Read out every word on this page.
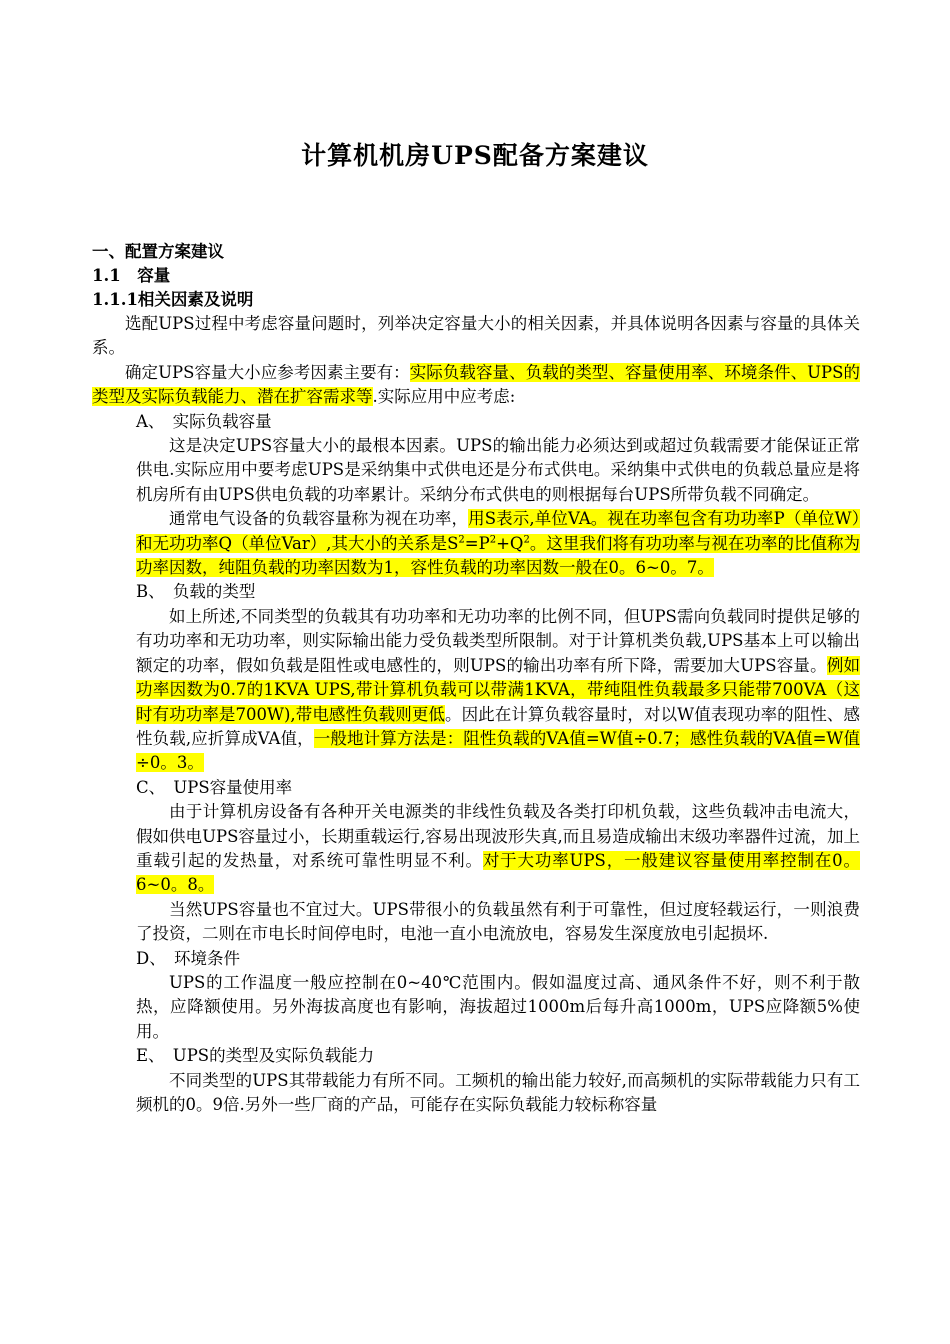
计算机机房UPS配备方案建议

一、配置方案建议

1.1　容量

1.1.1相关因素及说明

选配UPS过程中考虑容量问题时，列举决定容量大小的相关因素，并具体说明各因素与容量的具体关系。

确定UPS容量大小应参考因素主要有：实际负载容量、负载的类型、容量使用率、环境条件、UPS的类型及实际负载能力、潜在扩容需求等.实际应用中应考虑:

A、　实际负载容量

这是决定UPS容量大小的最根本因素。UPS的输出能力必须达到或超过负载需要才能保证正常供电.实际应用中要考虑UPS是采纳集中式供电还是分布式供电。采纳集中式供电的负载总量应是将机房所有由UPS供电负载的功率累计。采纳分布式供电的则根据每台UPS所带负载不同确定。

通常电气设备的负载容量称为视在功率，用S表示,单位VA。视在功率包含有功功率P（单位W）和无功功率Q（单位Var）,其大小的关系是$S^2=P^2+Q^2$。这里我们将有功功率与视在功率的比值称为功率因数，纯阻负载的功率因数为1，容性负载的功率因数一般在0。6~0。7。

B、　负载的类型

如上所述,不同类型的负载其有功功率和无功功率的比例不同，但UPS需向负载同时提供足够的有功功率和无功功率，则实际输出能力受负载类型所限制。对于计算机类负载,UPS基本上可以输出额定的功率，假如负载是阻性或电感性的，则UPS的输出功率有所下降，需要加大UPS容量。例如功率因数为0.7的1KVA UPS,带计算机负载可以带满1KVA，带纯阻性负载最多只能带700VA（这时有功功率是700W),带电感性负载则更低。因此在计算负载容量时，对以W值表现功率的阻性、感性负载,应折算成VA值，一般地计算方法是：阻性负载的VA值=W值÷0.7；感性负载的VA值=W值÷0。3。

C、　UPS容量使用率

由于计算机房设备有各种开关电源类的非线性负载及各类打印机负载，这些负载冲击电流大，假如供电UPS容量过小，长期重载运行,容易出现波形失真,而且易造成输出末级功率器件过流，加上重载引起的发热量，对系统可靠性明显不利。对于大功率UPS，一般建议容量使用率控制在0。6~0。8。

当然UPS容量也不宜过大。UPS带很小的负载虽然有利于可靠性，但过度轻载运行，一则浪费了投资，二则在市电长时间停电时，电池一直小电流放电，容易发生深度放电引起损坏.

D、　环境条件

UPS的工作温度一般应控制在0~40℃范围内。假如温度过高、通风条件不好，则不利于散热，应降额使用。另外海拔高度也有影响，海拔超过1000m后每升高1000m，UPS应降额5%使用。

E、　UPS的类型及实际负载能力

不同类型的UPS其带载能力有所不同。工频机的输出能力较好,而高频机的实际带载能力只有工频机的0。9倍.另外一些厂商的产品，可能存在实际负载能力较标称容量
